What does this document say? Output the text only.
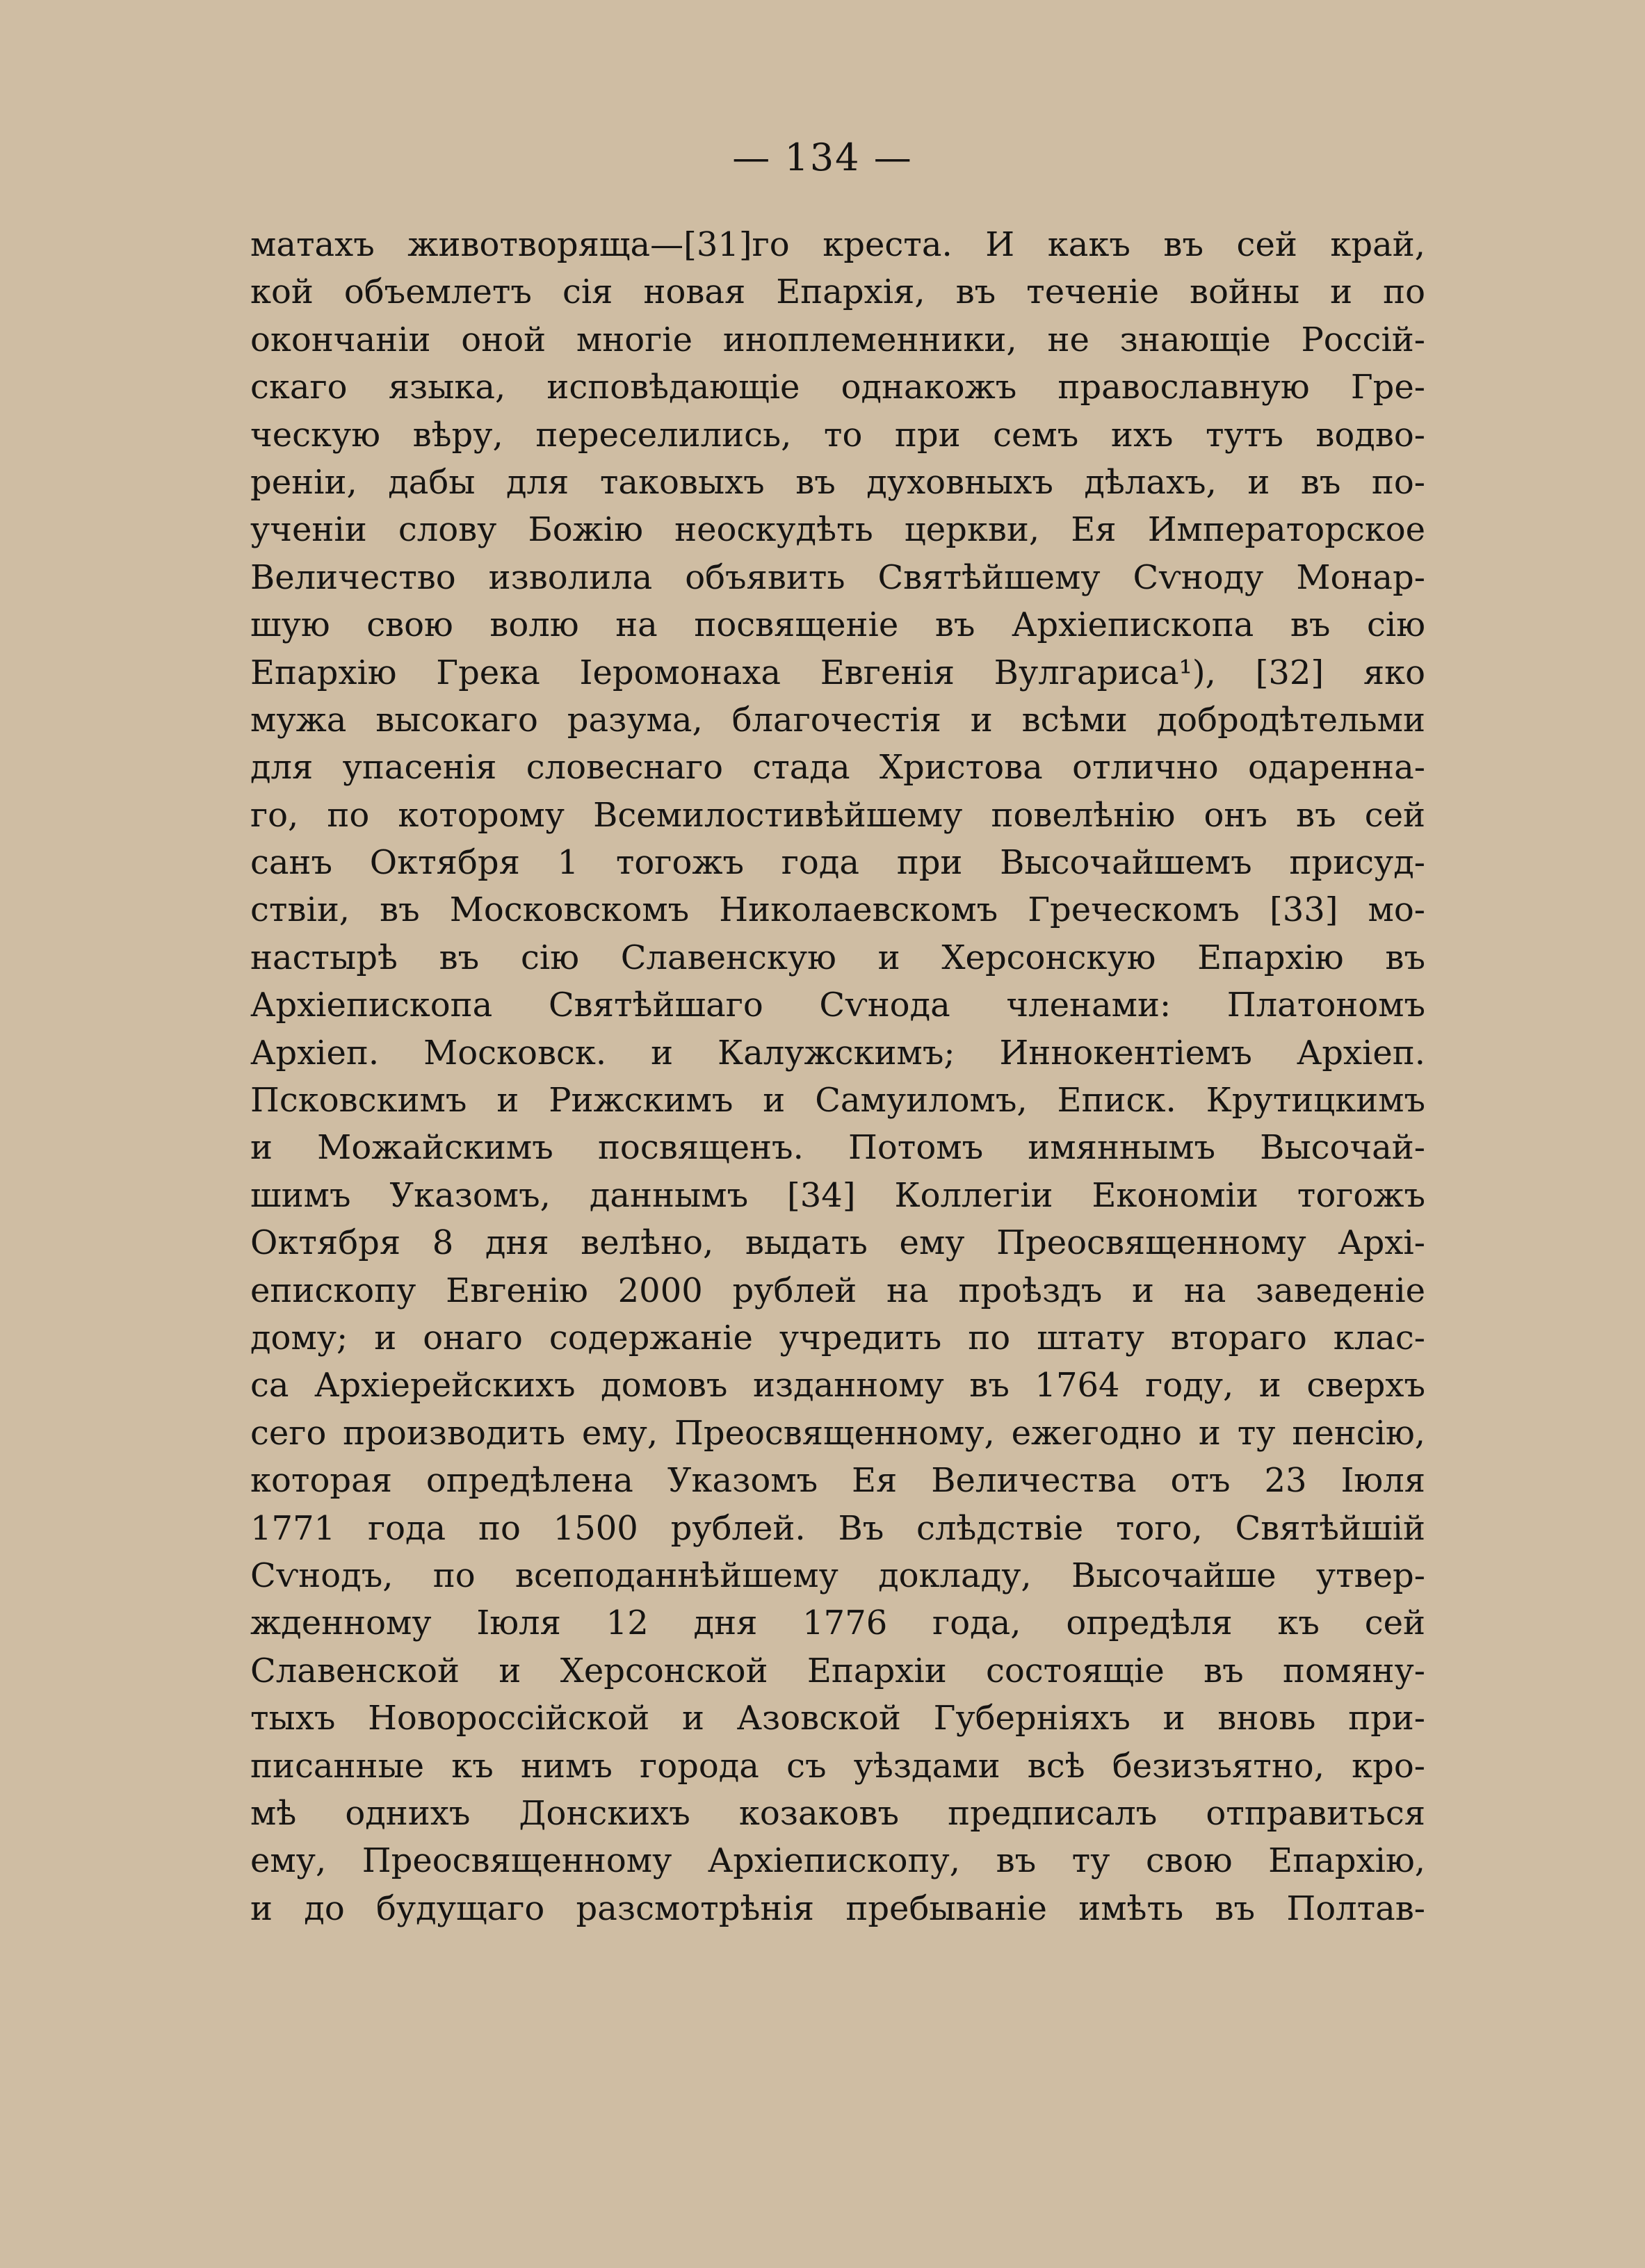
— 134 —
матахъ животворяща—[31]го креста. И какъ въ сей край,
кой объемлетъ сія новая Епархія, въ теченіе войны и по
окончаніи оной многіе иноплеменники, не знающіе Россій-
скаго языка, исповѣдающіе однакожъ православную Гре-
ческую вѣру, переселились, то при семъ ихъ тутъ водво-
реніи, дабы для таковыхъ въ духовныхъ дѣлахъ, и въ по-
ученіи слову Божію неоскудѣть церкви, Ея Императорское
Величество изволила объявить Святѣйшему Сѵноду Монар-
шую свою волю на посвященіе въ Архіепископа въ сію
Епархію Грека Іеромонаха Евгенія Вулгариса¹), [32] яко
мужа высокаго разума, благочестія и всѣми добродѣтельми
для упасенія словеснаго стада Христова отлично одаренна-
го, по которому Всемилостивѣйшему повелѣнію онъ въ сей
санъ Октября 1 тогожъ года при Высочайшемъ присуд-
ствіи, въ Московскомъ Николаевскомъ Греческомъ [33] мо-
настырѣ въ сію Славенскую и Херсонскую Епархію въ
Архіепископа Святѣйшаго Сѵнода членами: Платономъ
Архіеп. Московск. и Калужскимъ; Иннокентіемъ Архіеп.
Псковскимъ и Рижскимъ и Самуиломъ, Еписк. Крутицкимъ
и Можайскимъ посвященъ. Потомъ имяннымъ Высочай-
шимъ Указомъ, даннымъ [34] Коллегіи Економіи тогожъ
Октября 8 дня велѣно, выдать ему Преосвященному Архі-
епископу Евгенію 2000 рублей на проѣздъ и на заведеніе
дому; и онаго содержаніе учредить по штату втораго клас-
са Архіерейскихъ домовъ изданному въ 1764 году, и сверхъ
сего производить ему, Преосвященному, ежегодно и ту пенсію,
которая опредѣлена Указомъ Ея Величества отъ 23 Іюля
1771 года по 1500 рублей. Въ слѣдствіе того, Святѣйшій
Сѵнодъ, по всеподаннѣйшему докладу, Высочайше утвер-
жденному Іюля 12 дня 1776 года, опредѣля къ сей
Славенской и Херсонской Епархіи состоящіе въ помяну-
тыхъ Новороссійской и Азовской Губерніяхъ и вновь при-
писанные къ нимъ города съ уѣздами всѣ безизъятно, кро-
мѣ однихъ Донскихъ козаковъ предписалъ отправиться
ему, Преосвященному Архіепископу, въ ту свою Епархію,
и до будущаго разсмотрѣнія пребываніе имѣть въ Полтав-
